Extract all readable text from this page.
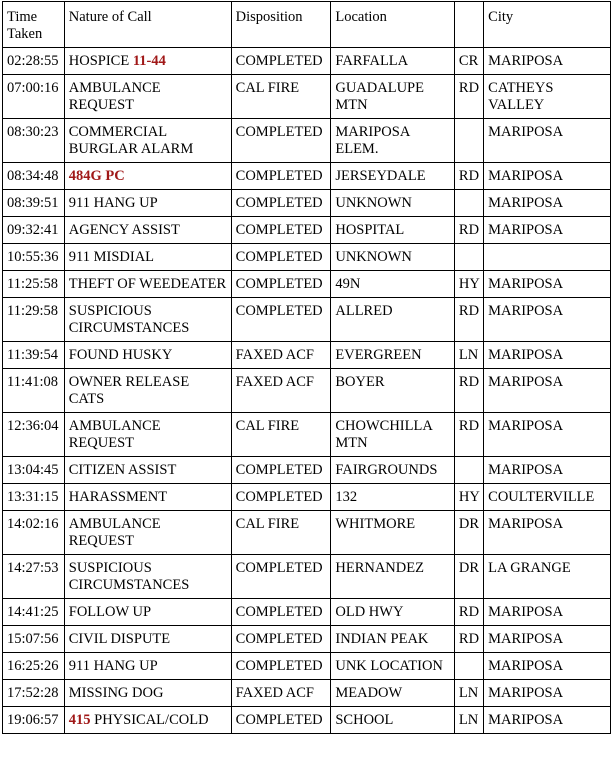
Time Taken	Nature of Call	Disposition	Location		City
02:28:55	HOSPICE 11-44	COMPLETED	FARFALLA	CR	MARIPOSA
07:00:16	AMBULANCE REQUEST	CAL FIRE	GUADALUPE MTN	RD	CATHEYS VALLEY
08:30:23	COMMERCIAL BURGLAR ALARM	COMPLETED	MARIPOSA ELEM.		MARIPOSA
08:34:48	484G PC	COMPLETED	JERSEYDALE	RD	MARIPOSA
08:39:51	911 HANG UP	COMPLETED	UNKNOWN		MARIPOSA
09:32:41	AGENCY ASSIST	COMPLETED	HOSPITAL	RD	MARIPOSA
10:55:36	911 MISDIAL	COMPLETED	UNKNOWN		
11:25:58	THEFT OF WEEDEATER	COMPLETED	49N	HY	MARIPOSA
11:29:58	SUSPICIOUS CIRCUMSTANCES	COMPLETED	ALLRED	RD	MARIPOSA
11:39:54	FOUND HUSKY	FAXED ACF	EVERGREEN	LN	MARIPOSA
11:41:08	OWNER RELEASE CATS	FAXED ACF	BOYER	RD	MARIPOSA
12:36:04	AMBULANCE REQUEST	CAL FIRE	CHOWCHILLA MTN	RD	MARIPOSA
13:04:45	CITIZEN ASSIST	COMPLETED	FAIRGROUNDS		MARIPOSA
13:31:15	HARASSMENT	COMPLETED	132	HY	COULTERVILLE
14:02:16	AMBULANCE REQUEST	CAL FIRE	WHITMORE	DR	MARIPOSA
14:27:53	SUSPICIOUS CIRCUMSTANCES	COMPLETED	HERNANDEZ	DR	LA GRANGE
14:41:25	FOLLOW UP	COMPLETED	OLD HWY	RD	MARIPOSA
15:07:56	CIVIL DISPUTE	COMPLETED	INDIAN PEAK	RD	MARIPOSA
16:25:26	911 HANG UP	COMPLETED	UNK LOCATION		MARIPOSA
17:52:28	MISSING DOG	FAXED ACF	MEADOW	LN	MARIPOSA
19:06:57	415 PHYSICAL/COLD	COMPLETED	SCHOOL	LN	MARIPOSA
